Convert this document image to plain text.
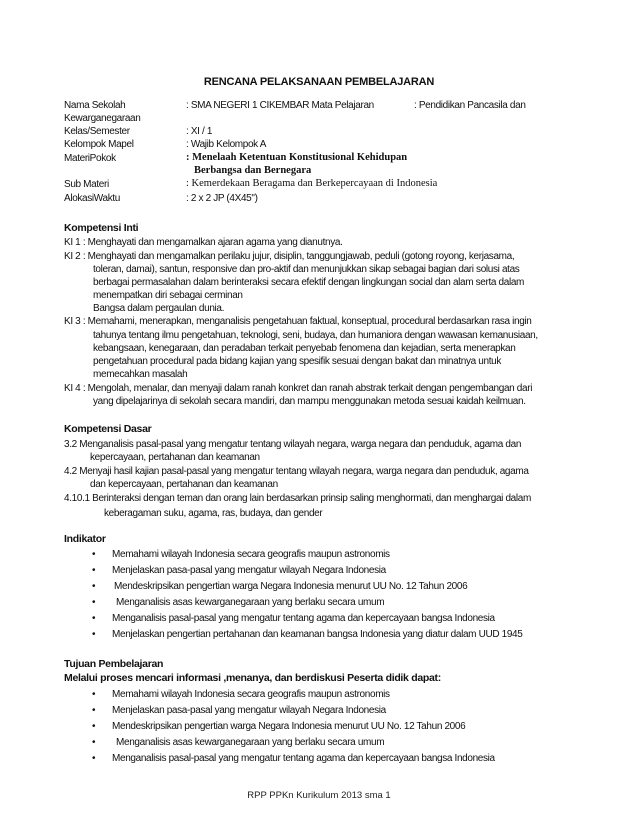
RENCANA PELAKSANAAN PEMBELAJARAN
Nama Sekolah	: SMA NEGERI 1 CIKEMBAR Mata Pelajaran	: Pendidikan Pancasila dan
Kewarganegaraan
Kelas/Semester	: XI / 1
Kelompok Mapel	: Wajib Kelompok A
MateriPokok	: Menelaah Ketentuan Konstitusional Kehidupan
Berbangsa dan Bernegara
Sub Materi	: Kemerdekaan Beragama dan Berkepercayaan di Indonesia
AlokasiWaktu	: 2 x 2 JP (4X45")
Kompetensi Inti
KI 1 : Menghayati dan mengamalkan ajaran agama yang dianutnya.
KI 2 : Menghayati dan mengamalkan perilaku jujur, disiplin, tanggungjawab, peduli (gotong royong, kerjasama,
toleran, damai), santun, responsive dan pro-aktif dan menunjukkan sikap sebagai bagian dari solusi atas
berbagai permasalahan dalam berinteraksi secara efektif dengan lingkungan social dan alam serta dalam
menempatkan diri sebagai cerminan
Bangsa dalam pergaulan dunia.
KI 3 : Memahami, menerapkan, menganalisis pengetahuan faktual, konseptual, procedural berdasarkan rasa ingin
tahunya tentang ilmu pengetahuan, teknologi, seni, budaya, dan humaniora dengan wawasan kemanusiaan,
kebangsaan, kenegaraan, dan peradaban terkait penyebab fenomena dan kejadian, serta menerapkan
pengetahuan procedural pada bidang kajian yang spesifik sesuai dengan bakat dan minatnya untuk
memecahkan masalah
KI 4 : Mengolah, menalar, dan menyaji dalam ranah konkret dan ranah abstrak terkait dengan pengembangan dari
yang dipelajarinya di sekolah secara mandiri, dan mampu menggunakan metoda sesuai kaidah keilmuan.
Kompetensi Dasar
3.2 Menganalisis pasal-pasal yang mengatur tentang wilayah negara, warga negara dan penduduk, agama dan
kepercayaan, pertahanan dan keamanan
4.2 Menyaji hasil kajian pasal-pasal yang mengatur tentang wilayah negara, warga negara dan penduduk, agama
dan kepercayaan, pertahanan dan keamanan
4.10.1 Berinteraksi dengan teman dan orang lain berdasarkan prinsip saling menghormati, dan menghargai dalam
keberagaman suku, agama, ras, budaya, dan gender
Indikator
• Memahami wilayah Indonesia secara geografis maupun astronomis
• Menjelaskan pasa-pasal yang mengatur wilayah Negara Indonesia
• Mendeskripsikan pengertian warga Negara Indonesia menurut UU No. 12 Tahun 2006
• Menganalisis asas kewarganegaraan yang berlaku secara umum
• Menganalisis pasal-pasal yang mengatur tentang agama dan kepercayaan bangsa Indonesia
• Menjelaskan pengertian pertahanan dan keamanan bangsa Indonesia yang diatur dalam UUD 1945
Tujuan Pembelajaran
Melalui proses mencari informasi ,menanya, dan berdiskusi Peserta didik dapat:
• Memahami wilayah Indonesia secara geografis maupun astronomis
• Menjelaskan pasa-pasal yang mengatur wilayah Negara Indonesia
• Mendeskripsikan pengertian warga Negara Indonesia menurut UU No. 12 Tahun 2006
• Menganalisis asas kewarganegaraan yang berlaku secara umum
• Menganalisis pasal-pasal yang mengatur tentang agama dan kepercayaan bangsa Indonesia
RPP PPKn Kurikulum 2013 sma 1
